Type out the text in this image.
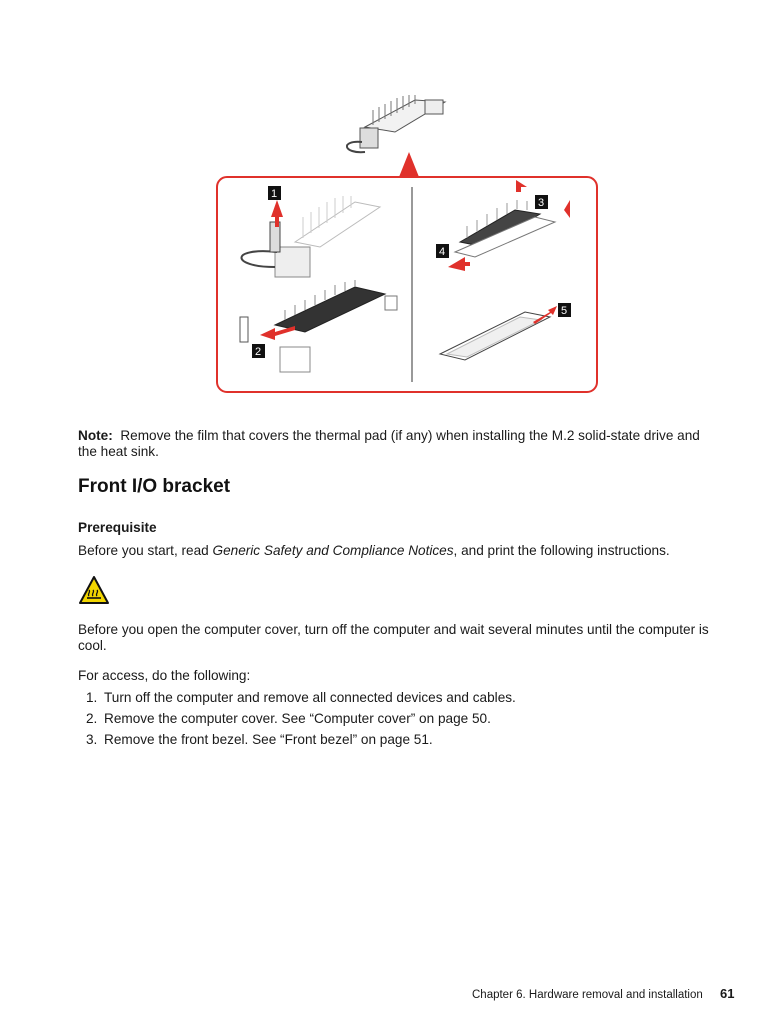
1
2
3
4
5
Note: Remove the film that covers the thermal pad (if any) when installing the M.2 solid-state drive and the heat sink.
Front I/O bracket
Prerequisite
Before you start, read Generic Safety and Compliance Notices, and print the following instructions.
Before you open the computer cover, turn off the computer and wait several minutes until the computer is cool.
For access, do the following:
1. Turn off the computer and remove all connected devices and cables.
2. Remove the computer cover. See “Computer cover” on page 50.
3. Remove the front bezel. See “Front bezel” on page 51.
Chapter 6. Hardware removal and installation 61
